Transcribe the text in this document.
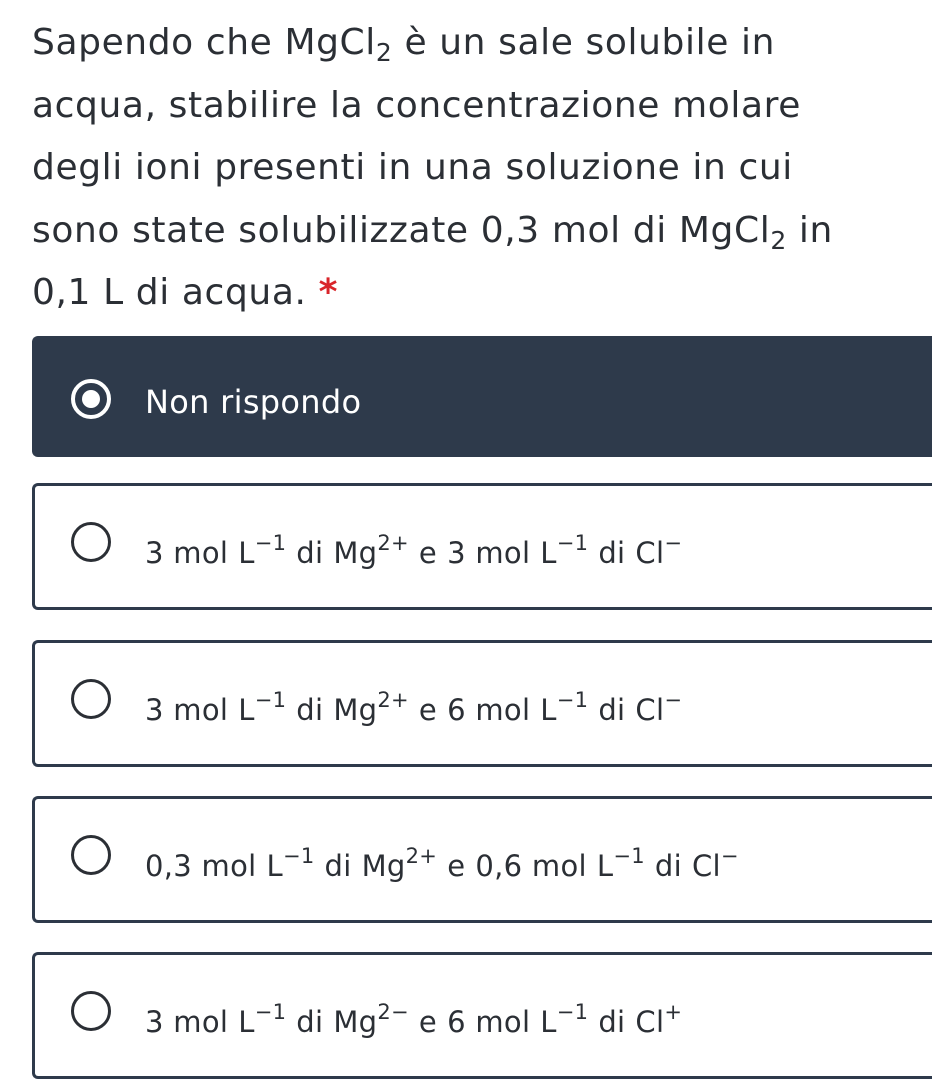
Sapendo che MgCl$_2$ è un sale solubile in
acqua, stabilire la concentrazione molare
degli ioni presenti in una soluzione in cui
sono state solubilizzate 0,3 mol di MgCl$_2$ in
0,1 L di acqua. *
Non rispondo
3 mol $L^{-1}$ di $Mg^{2+}$ e 3 mol $L^{-1}$ di Cl−
3 mol $L^{-1}$ di $Mg^{2+}$ e 6 mol $L^{-1}$ di Cl−
0,3 mol $L^{-1}$ di $Mg^{2+}$ e 0,6 mol $L^{-1}$ di Cl−
3 mol $L^{-1}$ di $Mg^{2-}$ e 6 mol $L^{-1}$ di Cl+
